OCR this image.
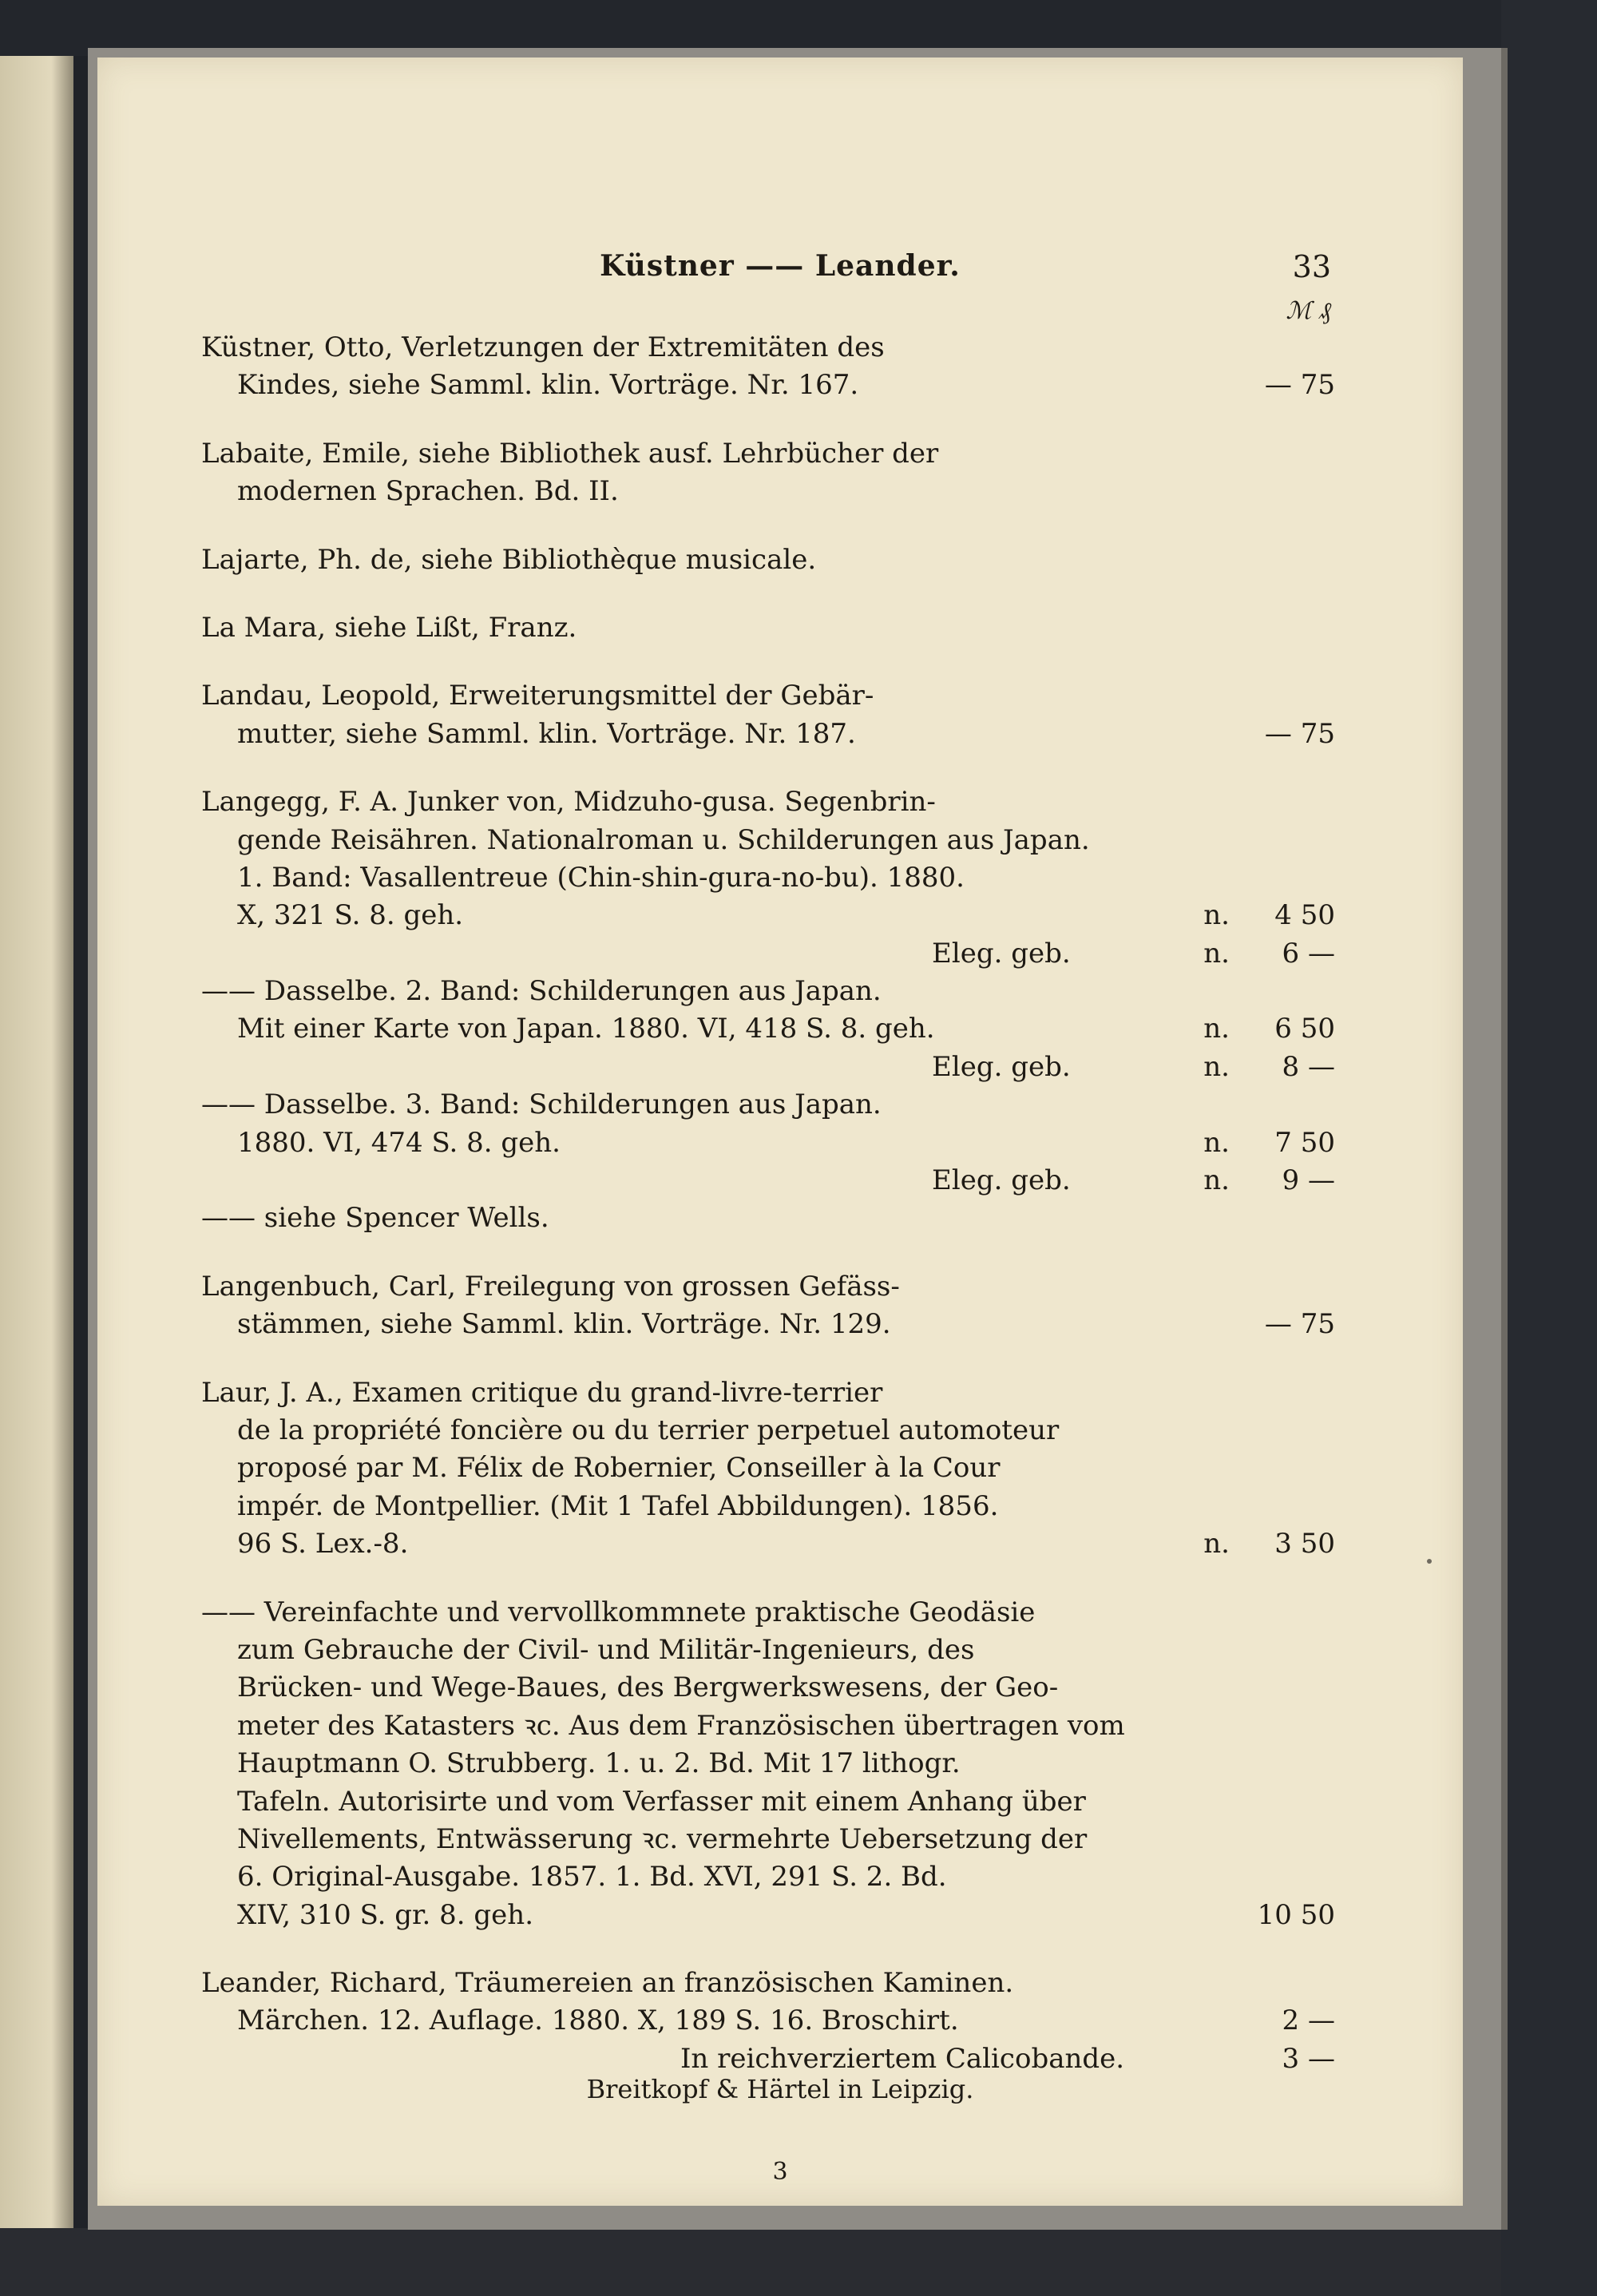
Küstner —— Leander.	33
ℳ ₰
Küstner, Otto, Verletzungen der Extremitäten des
Kindes, siehe Samml. klin. Vorträge. Nr. 167.	— 75
Labaite, Emile, siehe Bibliothek ausf. Lehrbücher der
modernen Sprachen. Bd. II.
Lajarte, Ph. de, siehe Bibliothèque musicale.
La Mara, siehe Lißt, Franz.
Landau, Leopold, Erweiterungsmittel der Gebär-
mutter, siehe Samml. klin. Vorträge. Nr. 187.	— 75
Langegg, F. A. Junker von, Midzuho-gusa. Segenbrin-
gende Reisähren. Nationalroman u. Schilderungen aus Japan.
1. Band: Vasallentreue (Chin-shin-gura-no-bu). 1880.
X, 321 S. 8. geh.	n. 4 50
Eleg. geb.	n. 6 —
—— Dasselbe. 2. Band: Schilderungen aus Japan.
Mit einer Karte von Japan. 1880. VI, 418 S. 8. geh.	n. 6 50
Eleg. geb.	n. 8 —
—— Dasselbe. 3. Band: Schilderungen aus Japan.
1880. VI, 474 S. 8. geh.	n. 7 50
Eleg. geb.	n. 9 —
—— siehe Spencer Wells.
Langenbuch, Carl, Freilegung von grossen Gefäss-
stämmen, siehe Samml. klin. Vorträge. Nr. 129.	— 75
Laur, J. A., Examen critique du grand-livre-terrier
de la propriété foncière ou du terrier perpetuel automoteur
proposé par M. Félix de Robernier, Conseiller à la Cour
impér. de Montpellier. (Mit 1 Tafel Abbildungen). 1856.
96 S. Lex.-8.	n. 3 50
—— Vereinfachte und vervollkommnete praktische Geodäsie
zum Gebrauche der Civil- und Militär-Ingenieurs, des
Brücken- und Wege-Baues, des Bergwerkswesens, der Geo-
meter des Katasters ꝛc. Aus dem Französischen übertragen vom
Hauptmann O. Strubberg. 1. u. 2. Bd. Mit 17 lithogr.
Tafeln. Autorisirte und vom Verfasser mit einem Anhang über
Nivellements, Entwässerung ꝛc. vermehrte Uebersetzung der
6. Original-Ausgabe. 1857. 1. Bd. XVI, 291 S. 2. Bd.
XIV, 310 S. gr. 8. geh.	10 50
Leander, Richard, Träumereien an französischen Kaminen.
Märchen. 12. Auflage. 1880. X, 189 S. 16. Broschirt.	2 —
In reichverziertem Calicobande.	3 —
Breitkopf & Härtel in Leipzig.
3
